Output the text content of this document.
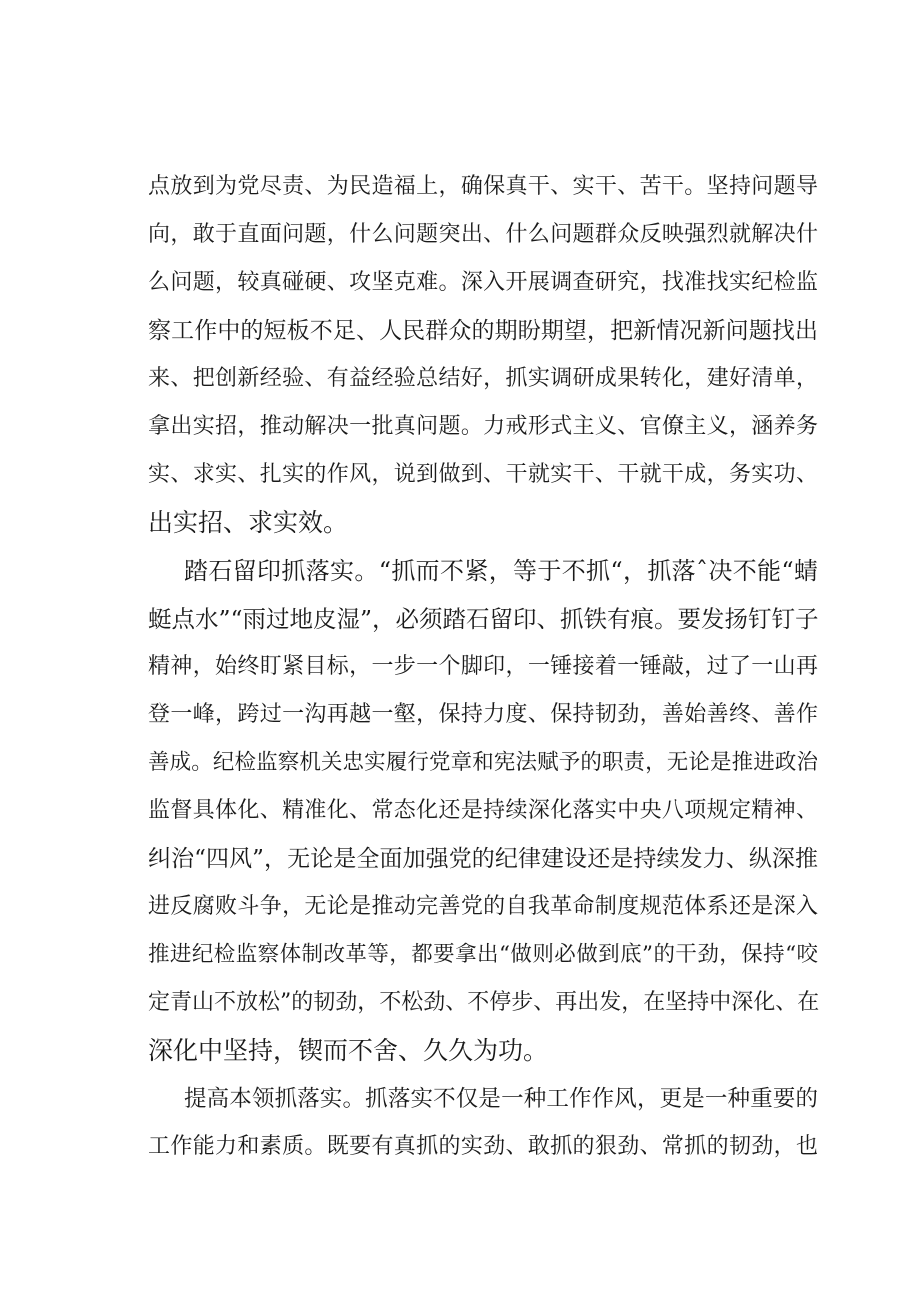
点放到为党尽责、为民造福上，确保真干、实干、苦干。坚持问题导
向，敢于直面问题，什么问题突出、什么问题群众反映强烈就解决什
么问题，较真碰硬、攻坚克难。深入开展调查研究，找准找实纪检监
察工作中的短板不足、人民群众的期盼期望，把新情况新问题找出
来、把创新经验、有益经验总结好，抓实调研成果转化，建好清单，
拿出实招，推动解决一批真问题。力戒形式主义、官僚主义，涵养务
实、求实、扎实的作风，说到做到、干就实干、干就干成，务实功、
出实招、求实效。
踏石留印抓落实。“抓而不紧，等于不抓“，抓落ˆ决不能“蜻
蜓点水”“雨过地皮湿”，必须踏石留印、抓铁有痕。要发扬钉钉子
精神，始终盯紧目标，一步一个脚印，一锤接着一锤敲，过了一山再
登一峰，跨过一沟再越一壑，保持力度、保持韧劲，善始善终、善作
善成。纪检监察机关忠实履行党章和宪法赋予的职责，无论是推进政治
监督具体化、精准化、常态化还是持续深化落实中央八项规定精神、
纠治“四风”，无论是全面加强党的纪律建设还是持续发力、纵深推
进反腐败斗争，无论是推动完善党的自我革命制度规范体系还是深入
推进纪检监察体制改革等，都要拿出“做则必做到底”的干劲，保持“咬
定青山不放松”的韧劲，不松劲、不停步、再出发，在坚持中深化、在
深化中坚持，锲而不舍、久久为功。
提高本领抓落实。抓落实不仅是一种工作作风，更是一种重要的
工作能力和素质。既要有真抓的实劲、敢抓的狠劲、常抓的韧劲，也
